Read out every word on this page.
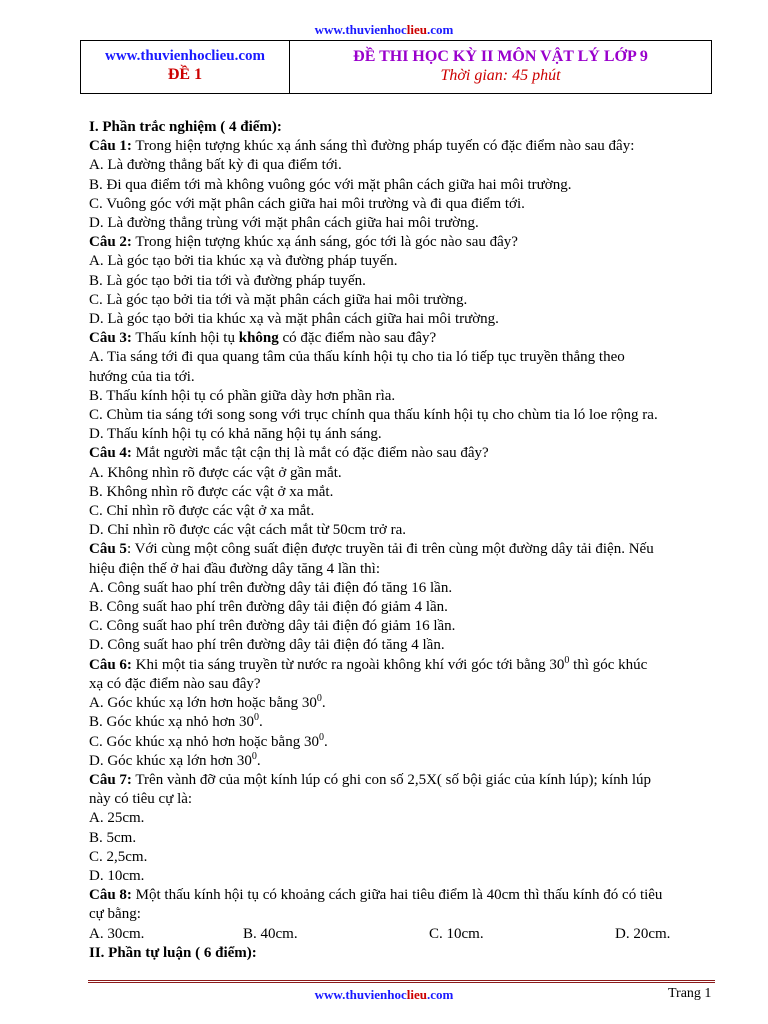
www.thuvienhoclieu.com
www.thuvienhoclieu.com
ĐỀ 1

ĐỀ THI HỌC KỲ II MÔN VẬT LÝ LỚP 9
Thời gian: 45 phút

I. Phần trắc nghiệm ( 4 điểm):

Câu 1: Trong hiện tượng khúc xạ ánh sáng thì đường pháp tuyến có đặc điểm nào sau đây:

A. Là đường thẳng bất kỳ đi qua điểm tới.

B. Đi qua điểm tới mà không vuông góc với mặt phân cách giữa hai môi trường.

C. Vuông góc với mặt phân cách giữa hai môi trường và đi qua điểm tới.

D. Là đường thẳng trùng với mặt phân cách giữa hai môi trường.

Câu 2: Trong hiện tượng khúc xạ ánh sáng, góc tới là góc nào sau đây?

A. Là góc tạo bởi tia khúc xạ và đường pháp tuyến.

B. Là góc tạo bởi tia tới và đường pháp tuyến.

C. Là góc tạo bởi tia tới và mặt phân cách giữa hai môi trường.

D. Là góc tạo bởi tia khúc xạ và mặt phân cách giữa hai môi trường.

Câu 3: Thấu kính hội tụ không có đặc điểm nào sau đây?

A. Tia sáng tới đi qua quang tâm của thấu kính hội tụ cho tia ló tiếp tục truyền thẳng theo

hướng của tia tới.

B. Thấu kính hội tụ có phần giữa dày hơn phần rìa.

C. Chùm tia sáng tới song song với trục chính qua thấu kính hội tụ cho chùm tia ló loe rộng ra.

D. Thấu kính hội tụ có khả năng hội tụ ánh sáng.

Câu 4: Mắt người mắc tật cận thị là mắt có đặc điểm nào sau đây?

A. Không nhìn rõ được các vật ở gần mắt.

B. Không nhìn rõ được các vật ở xa mắt.

C. Chỉ nhìn rõ được các vật ở xa mắt.

D. Chỉ nhìn rõ được các vật cách mắt từ 50cm trở ra.

Câu 5: Với cùng một công suất điện được truyền tải đi trên cùng một đường dây tải điện. Nếu

hiệu điện thế ở hai đầu đường dây tăng 4 lần thì:

A. Công suất hao phí trên đường dây tải điện đó tăng 16 lần.

B. Công suất hao phí trên đường dây tải điện đó giảm 4 lần.

C. Công suất hao phí trên đường dây tải điện đó giảm 16 lần.

D. Công suất hao phí trên đường dây tải điện đó tăng 4 lần.

Câu 6: Khi một tia sáng truyền từ nước ra ngoài không khí với góc tới bằng $30^0$ thì góc khúc

xạ có đặc điểm nào sau đây?

A. Góc khúc xạ lớn hơn hoặc bằng $30^0$.

B. Góc khúc xạ nhỏ hơn $30^0$.

C. Góc khúc xạ nhỏ hơn hoặc bằng $30^0$.

D. Góc khúc xạ lớn hơn $30^0$.

Câu 7: Trên vành đỡ của một kính lúp có ghi con số 2,5X( số bội giác của kính lúp); kính lúp

này có tiêu cự là:

A. 25cm.

B. 5cm.

C. 2,5cm.

D. 10cm.

Câu 8: Một thấu kính hội tụ có khoảng cách giữa hai tiêu điểm là 40cm thì thấu kính đó có tiêu

cự bằng:

A. 30cm.	B. 40cm.	C. 10cm.	D. 20cm.

II. Phần tự luận ( 6 điểm):

www.thuvienhoclieu.com	Trang 1
